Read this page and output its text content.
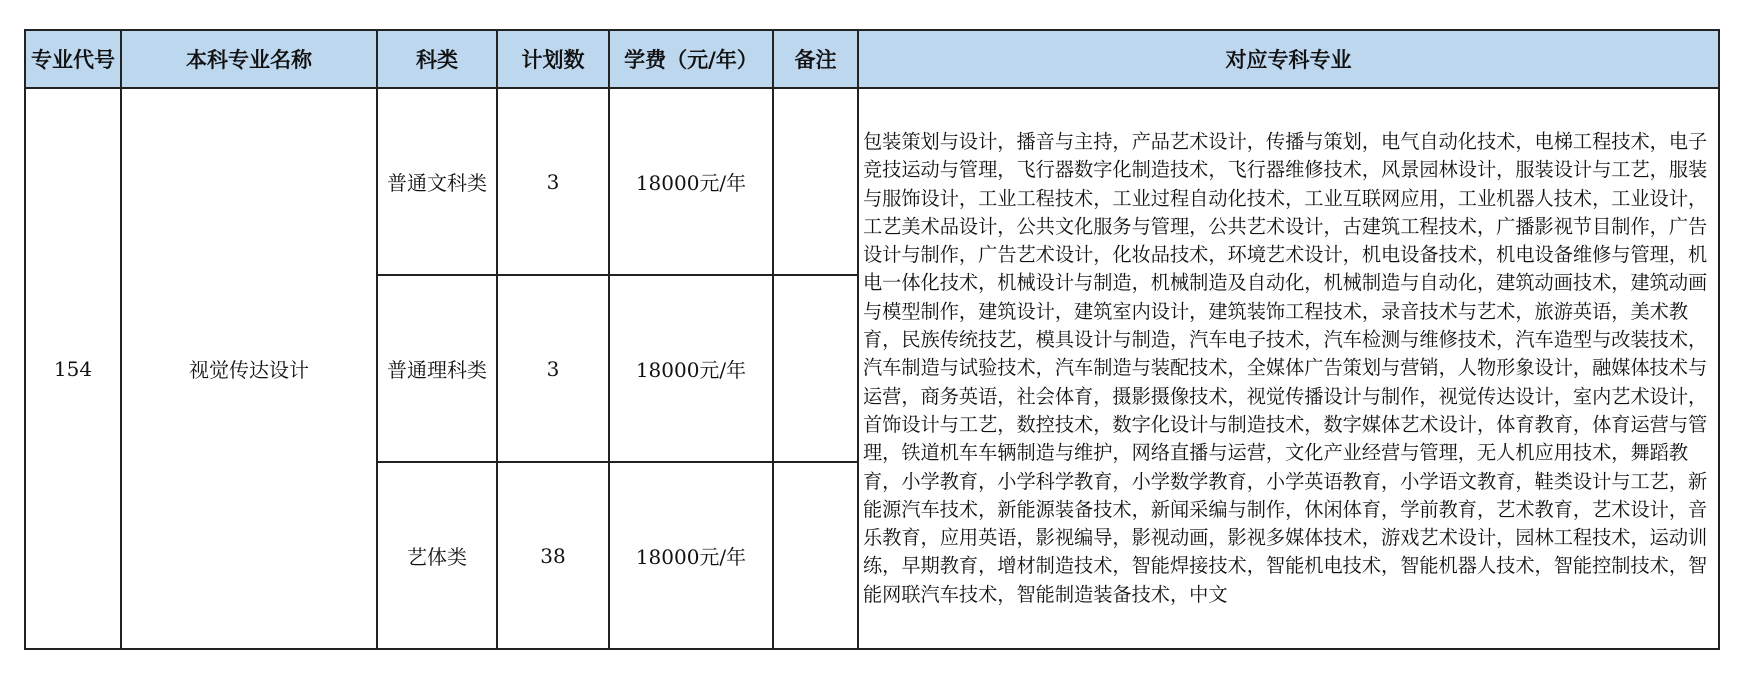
专业代号	本科专业名称	科类	计划数	学费（元/年）	备注	对应专科专业
154	视觉传达设计	普通文科类	3	18000元/年		包装策划与设计，播音与主持，产品艺术设计，传播与策划，电气自动化技术，电梯工程技术，电子竞技运动与管理，飞行器数字化制造技术，飞行器维修技术，风景园林设计，服装设计与工艺，服装与服饰设计，工业工程技术，工业过程自动化技术，工业互联网应用，工业机器人技术，工业设计，工艺美术品设计，公共文化服务与管理，公共艺术设计，古建筑工程技术，广播影视节目制作，广告设计与制作，广告艺术设计，化妆品技术，环境艺术设计，机电设备技术，机电设备维修与管理，机电一体化技术，机械设计与制造，机械制造及自动化，机械制造与自动化，建筑动画技术，建筑动画与模型制作，建筑设计，建筑室内设计，建筑装饰工程技术，录音技术与艺术，旅游英语，美术教育，民族传统技艺，模具设计与制造，汽车电子技术，汽车检测与维修技术，汽车造型与改装技术，汽车制造与试验技术，汽车制造与装配技术，全媒体广告策划与营销，人物形象设计，融媒体技术与运营，商务英语，社会体育，摄影摄像技术，视觉传播设计与制作，视觉传达设计，室内艺术设计，首饰设计与工艺，数控技术，数字化设计与制造技术，数字媒体艺术设计，体育教育，体育运营与管理，铁道机车车辆制造与维护，网络直播与运营，文化产业经营与管理，无人机应用技术，舞蹈教育，小学教育，小学科学教育，小学数学教育，小学英语教育，小学语文教育，鞋类设计与工艺，新能源汽车技术，新能源装备技术，新闻采编与制作，休闲体育，学前教育，艺术教育，艺术设计，音乐教育，应用英语，影视编导，影视动画，影视多媒体技术，游戏艺术设计，园林工程技术，运动训练，早期教育，增材制造技术，智能焊接技术，智能机电技术，智能机器人技术，智能控制技术，智能网联汽车技术，智能制造装备技术，中文
		普通理科类	3	18000元/年		
		艺体类	38	18000元/年		
